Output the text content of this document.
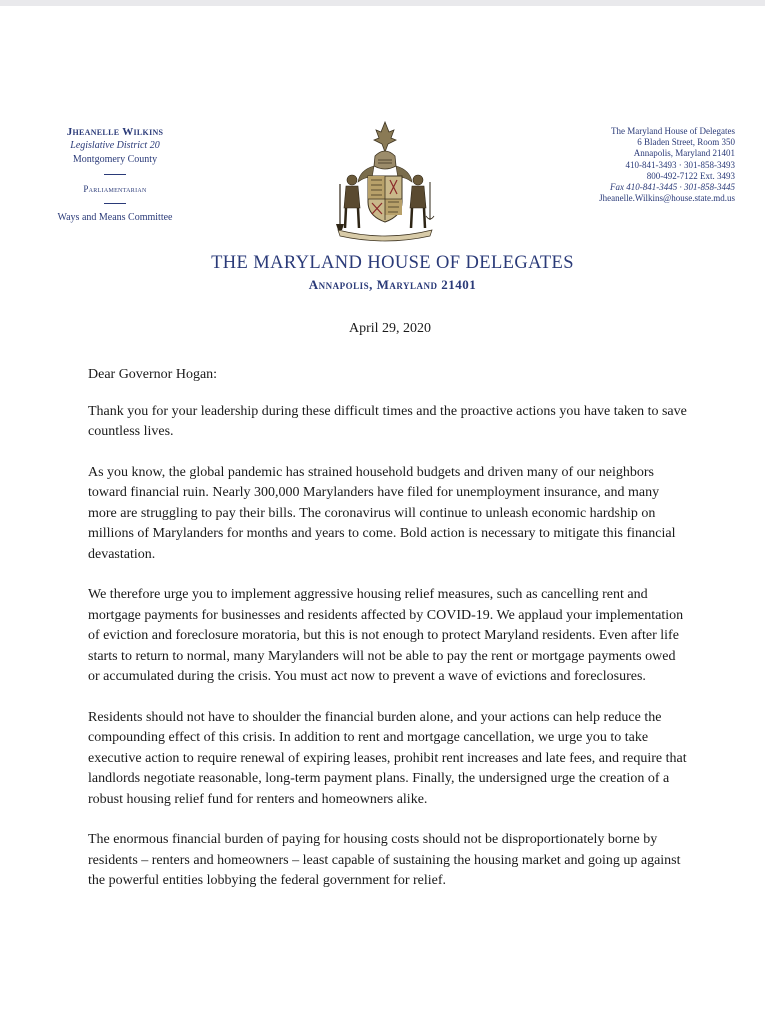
Jheanelle Wilkins
Legislative District 20
Montgomery County
Parliamentarian
Ways and Means Committee
The Maryland House of Delegates
6 Bladen Street, Room 350
Annapolis, Maryland 21401
410-841-3493 · 301-858-3493
800-492-7122 Ext. 3493
Fax 410-841-3445 · 301-858-3445
Jheanelle.Wilkins@house.state.md.us
THE MARYLAND HOUSE OF DELEGATES
Annapolis, Maryland 21401
April 29, 2020

Dear Governor Hogan:

Thank you for your leadership during these difficult times and the proactive actions you have taken to save countless lives.

As you know, the global pandemic has strained household budgets and driven many of our neighbors toward financial ruin. Nearly 300,000 Marylanders have filed for unemployment insurance, and many more are struggling to pay their bills. The coronavirus will continue to unleash economic hardship on millions of Marylanders for months and years to come. Bold action is necessary to mitigate this financial devastation.

We therefore urge you to implement aggressive housing relief measures, such as cancelling rent and mortgage payments for businesses and residents affected by COVID-19. We applaud your implementation of eviction and foreclosure moratoria, but this is not enough to protect Maryland residents. Even after life starts to return to normal, many Marylanders will not be able to pay the rent or mortgage payments owed or accumulated during the crisis. You must act now to prevent a wave of evictions and foreclosures.

Residents should not have to shoulder the financial burden alone, and your actions can help reduce the compounding effect of this crisis. In addition to rent and mortgage cancellation, we urge you to take executive action to require renewal of expiring leases, prohibit rent increases and late fees, and require that landlords negotiate reasonable, long-term payment plans. Finally, the undersigned urge the creation of a robust housing relief fund for renters and homeowners alike.

The enormous financial burden of paying for housing costs should not be disproportionately borne by residents – renters and homeowners – least capable of sustaining the housing market and going up against the powerful entities lobbying the federal government for relief.
